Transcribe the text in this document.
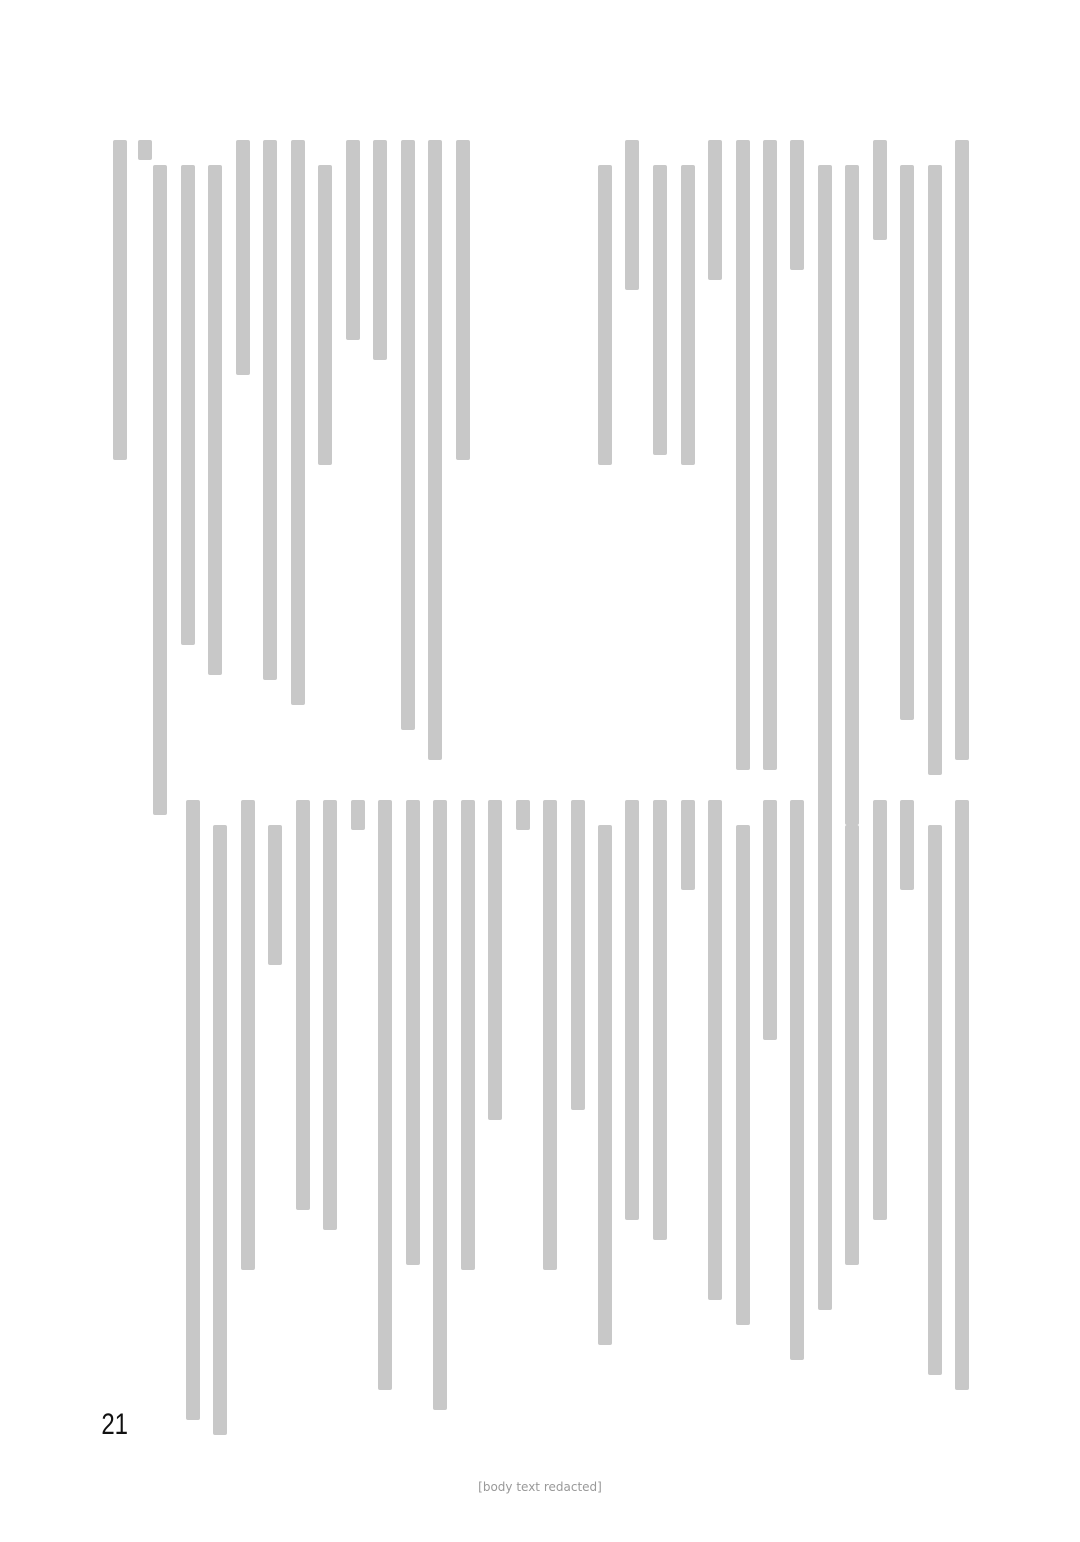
21
[body text redacted]
